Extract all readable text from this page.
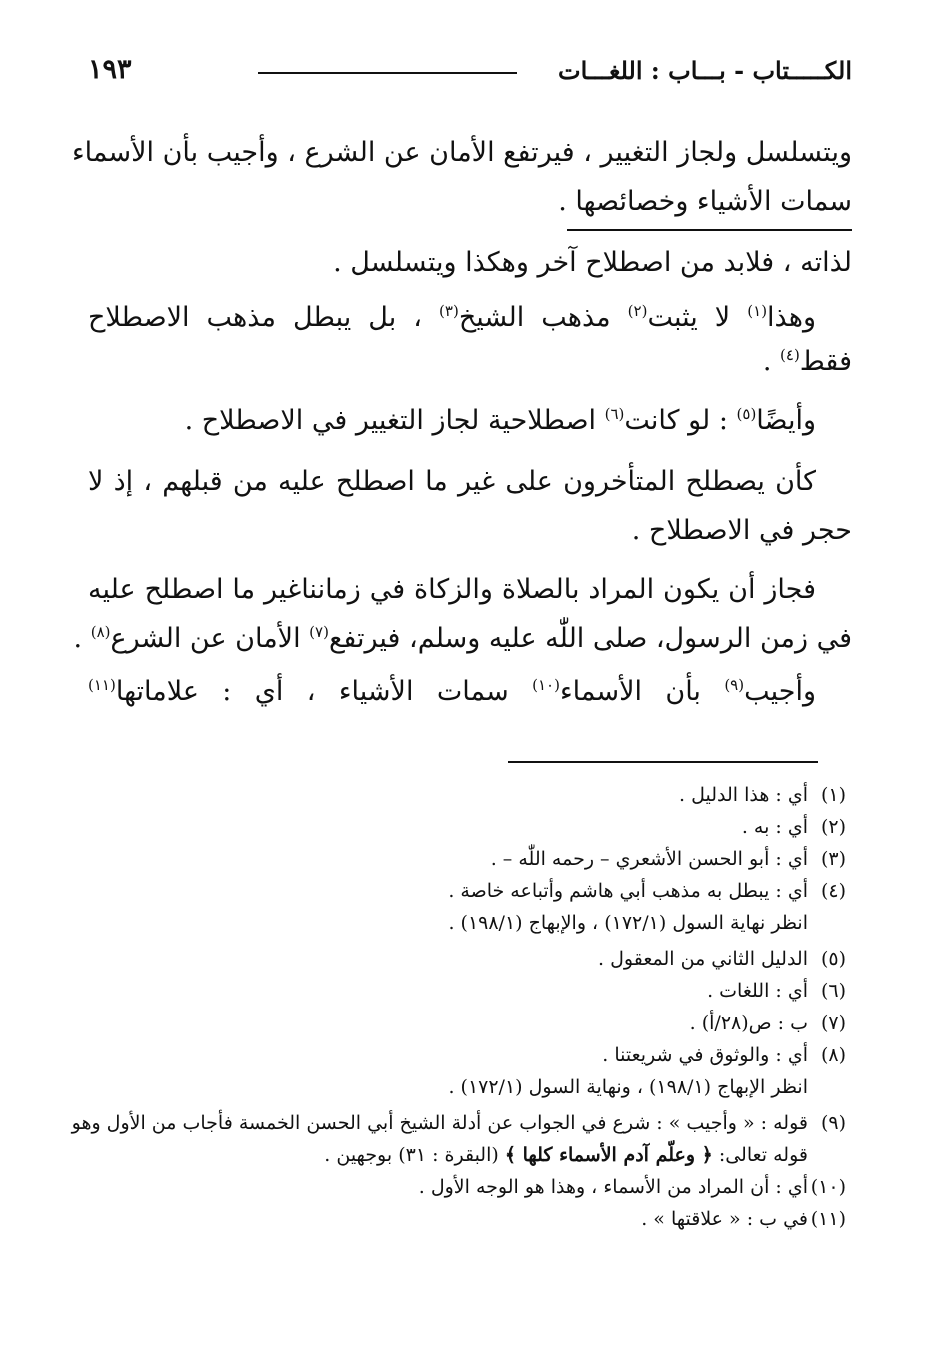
الكـــــتاب - بـــاب : اللغـــات
١٩٣
ويتسلسل ولجاز التغيير ، فيرتفع الأمان عن الشرع ، وأجيب بأن الأسماء
سمات الأشياء وخصائصها .
لذاته ، فلابد من اصطلاح آخر وهكذا ويتسلسل .
وهذا$^{(١)}$ لا يثبت$^{(٢)}$ مذهب الشيخ$^{(٣)}$ ، بل يبطل مذهب الاصطلاح
فقط$^{(٤)}$ .
وأيضًا$^{(٥)}$ : لو كانت$^{(٦)}$ اصطلاحية لجاز التغيير في الاصطلاح .
كأن يصطلح المتأخرون على غير ما اصطلح عليه من قبلهم ، إذ لا
حجر في الاصطلاح .
فجاز أن يكون المراد بالصلاة والزكاة في زمانناغير ما اصطلح عليه
في زمن الرسول، صلى اللّٰه عليه وسلم، فيرتفع$^{(٧)}$ الأمان عن الشرع$^{(٨)}$ .
وأجيب$^{(٩)}$ بأن الأسماء$^{(١٠)}$ سمات الأشياء ، أي : علاماتها$^{(١١)}$
(١)أي : هذا الدليل .
(٢)أي : به .
(٣)أي : أبو الحسن الأشعري – رحمه اللّٰه – .
(٤)أي : يبطل به مذهب أبي هاشم وأتباعه خاصة .
انظر نهاية السول (١٧٢/١) ، والإبهاج (١٩٨/١) .
(٥)الدليل الثاني من المعقول .
(٦)أي : اللغات .
(٧)ب : ص(٢٨/أ) .
(٨)أي : والوثوق في شريعتنا .
انظر الإبهاج (١٩٨/١) ، ونهاية السول (١٧٢/١) .
(٩)قوله : « وأجيب » : شرع في الجواب عن أدلة الشيخ أبي الحسن الخمسة فأجاب من الأول وهو
قوله تعالى: ﴿ وعلّم آدم الأسماء كلها ﴾ (البقرة : ٣١) بوجهين .
(١٠)أي : أن المراد من الأسماء ، وهذا هو الوجه الأول .
(١١)في ب : « علاقتها » .
